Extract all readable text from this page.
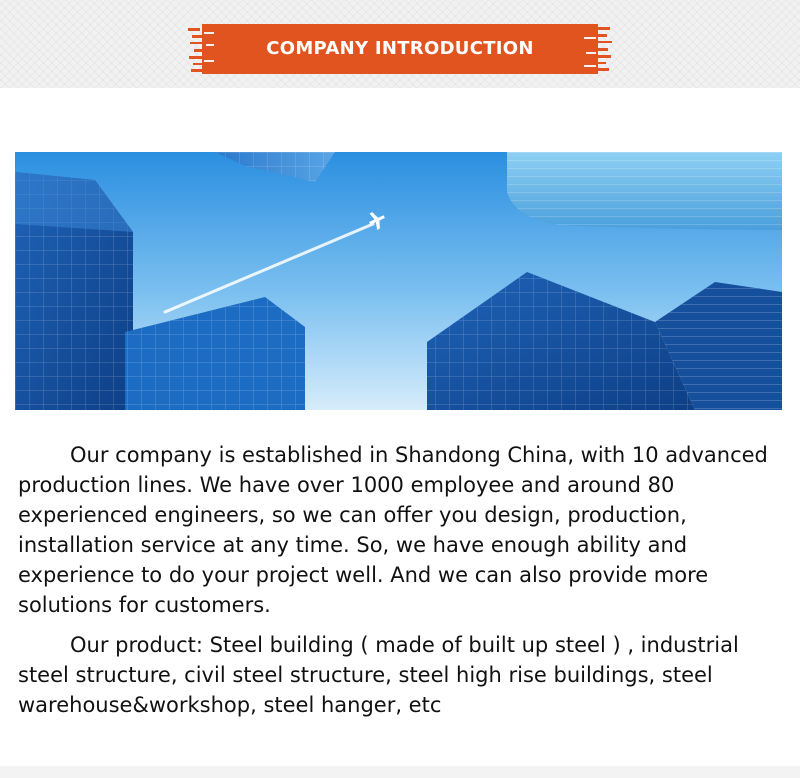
COMPANY INTRODUCTION

Our company is established in Shandong China, with 10 advanced production lines. We have over 1000 employee and around 80 experienced engineers, so we can offer you design, production, installation service at any time. So, we have enough ability and experience to do your project well. And we can also provide more solutions for customers.

Our product: Steel building ( made of built up steel ) , industrial steel structure, civil steel structure, steel high rise buildings, steel warehouse&workshop, steel hanger, etc
